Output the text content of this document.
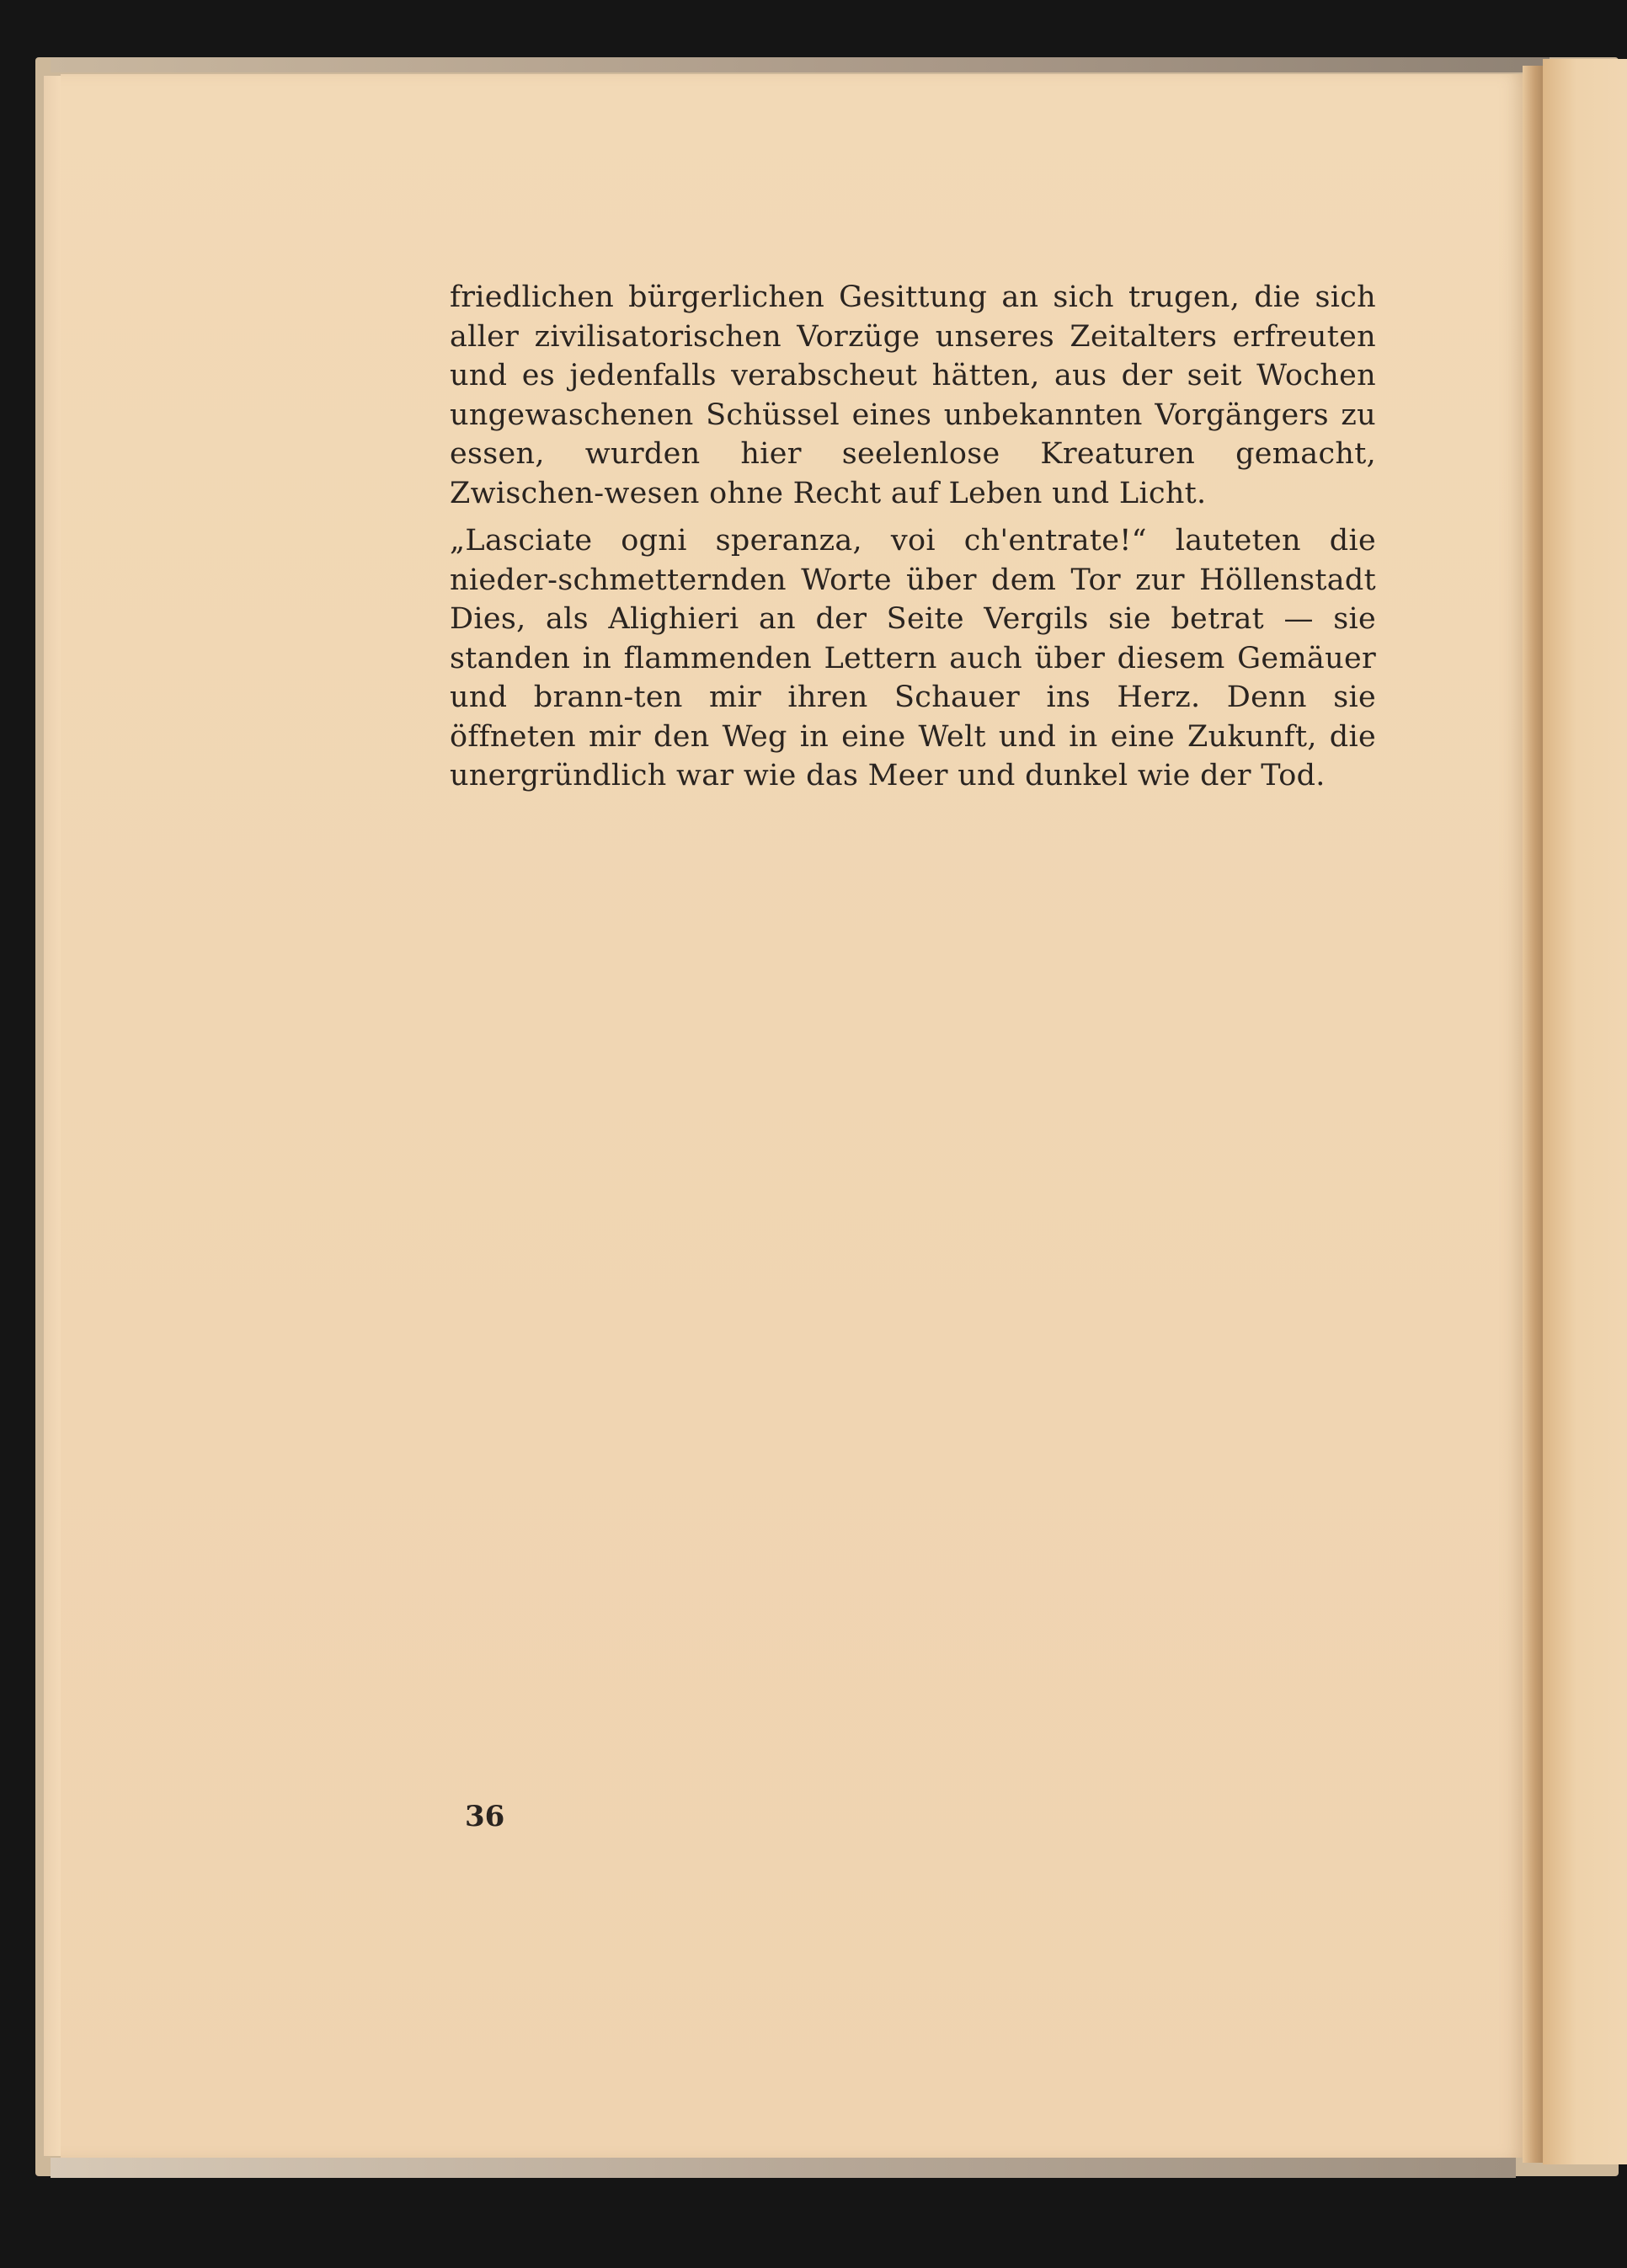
friedlichen bürgerlichen Gesittung an sich trugen, die sich aller zivilisatorischen Vorzüge unseres Zeitalters erfreuten und es jedenfalls verabscheut hätten, aus der seit Wochen ungewaschenen Schüssel eines unbekannten Vorgängers zu essen, wurden hier seelenlose Kreaturen gemacht, Zwischen-wesen ohne Recht auf Leben und Licht.

„Lasciate ogni speranza, voi ch'entrate!“ lauteten die nieder-schmetternden Worte über dem Tor zur Höllenstadt Dies, als Alighieri an der Seite Vergils sie betrat — sie standen in flammenden Lettern auch über diesem Gemäuer und brann-ten mir ihren Schauer ins Herz. Denn sie öffneten mir den Weg in eine Welt und in eine Zukunft, die unergründlich war wie das Meer und dunkel wie der Tod.

36
